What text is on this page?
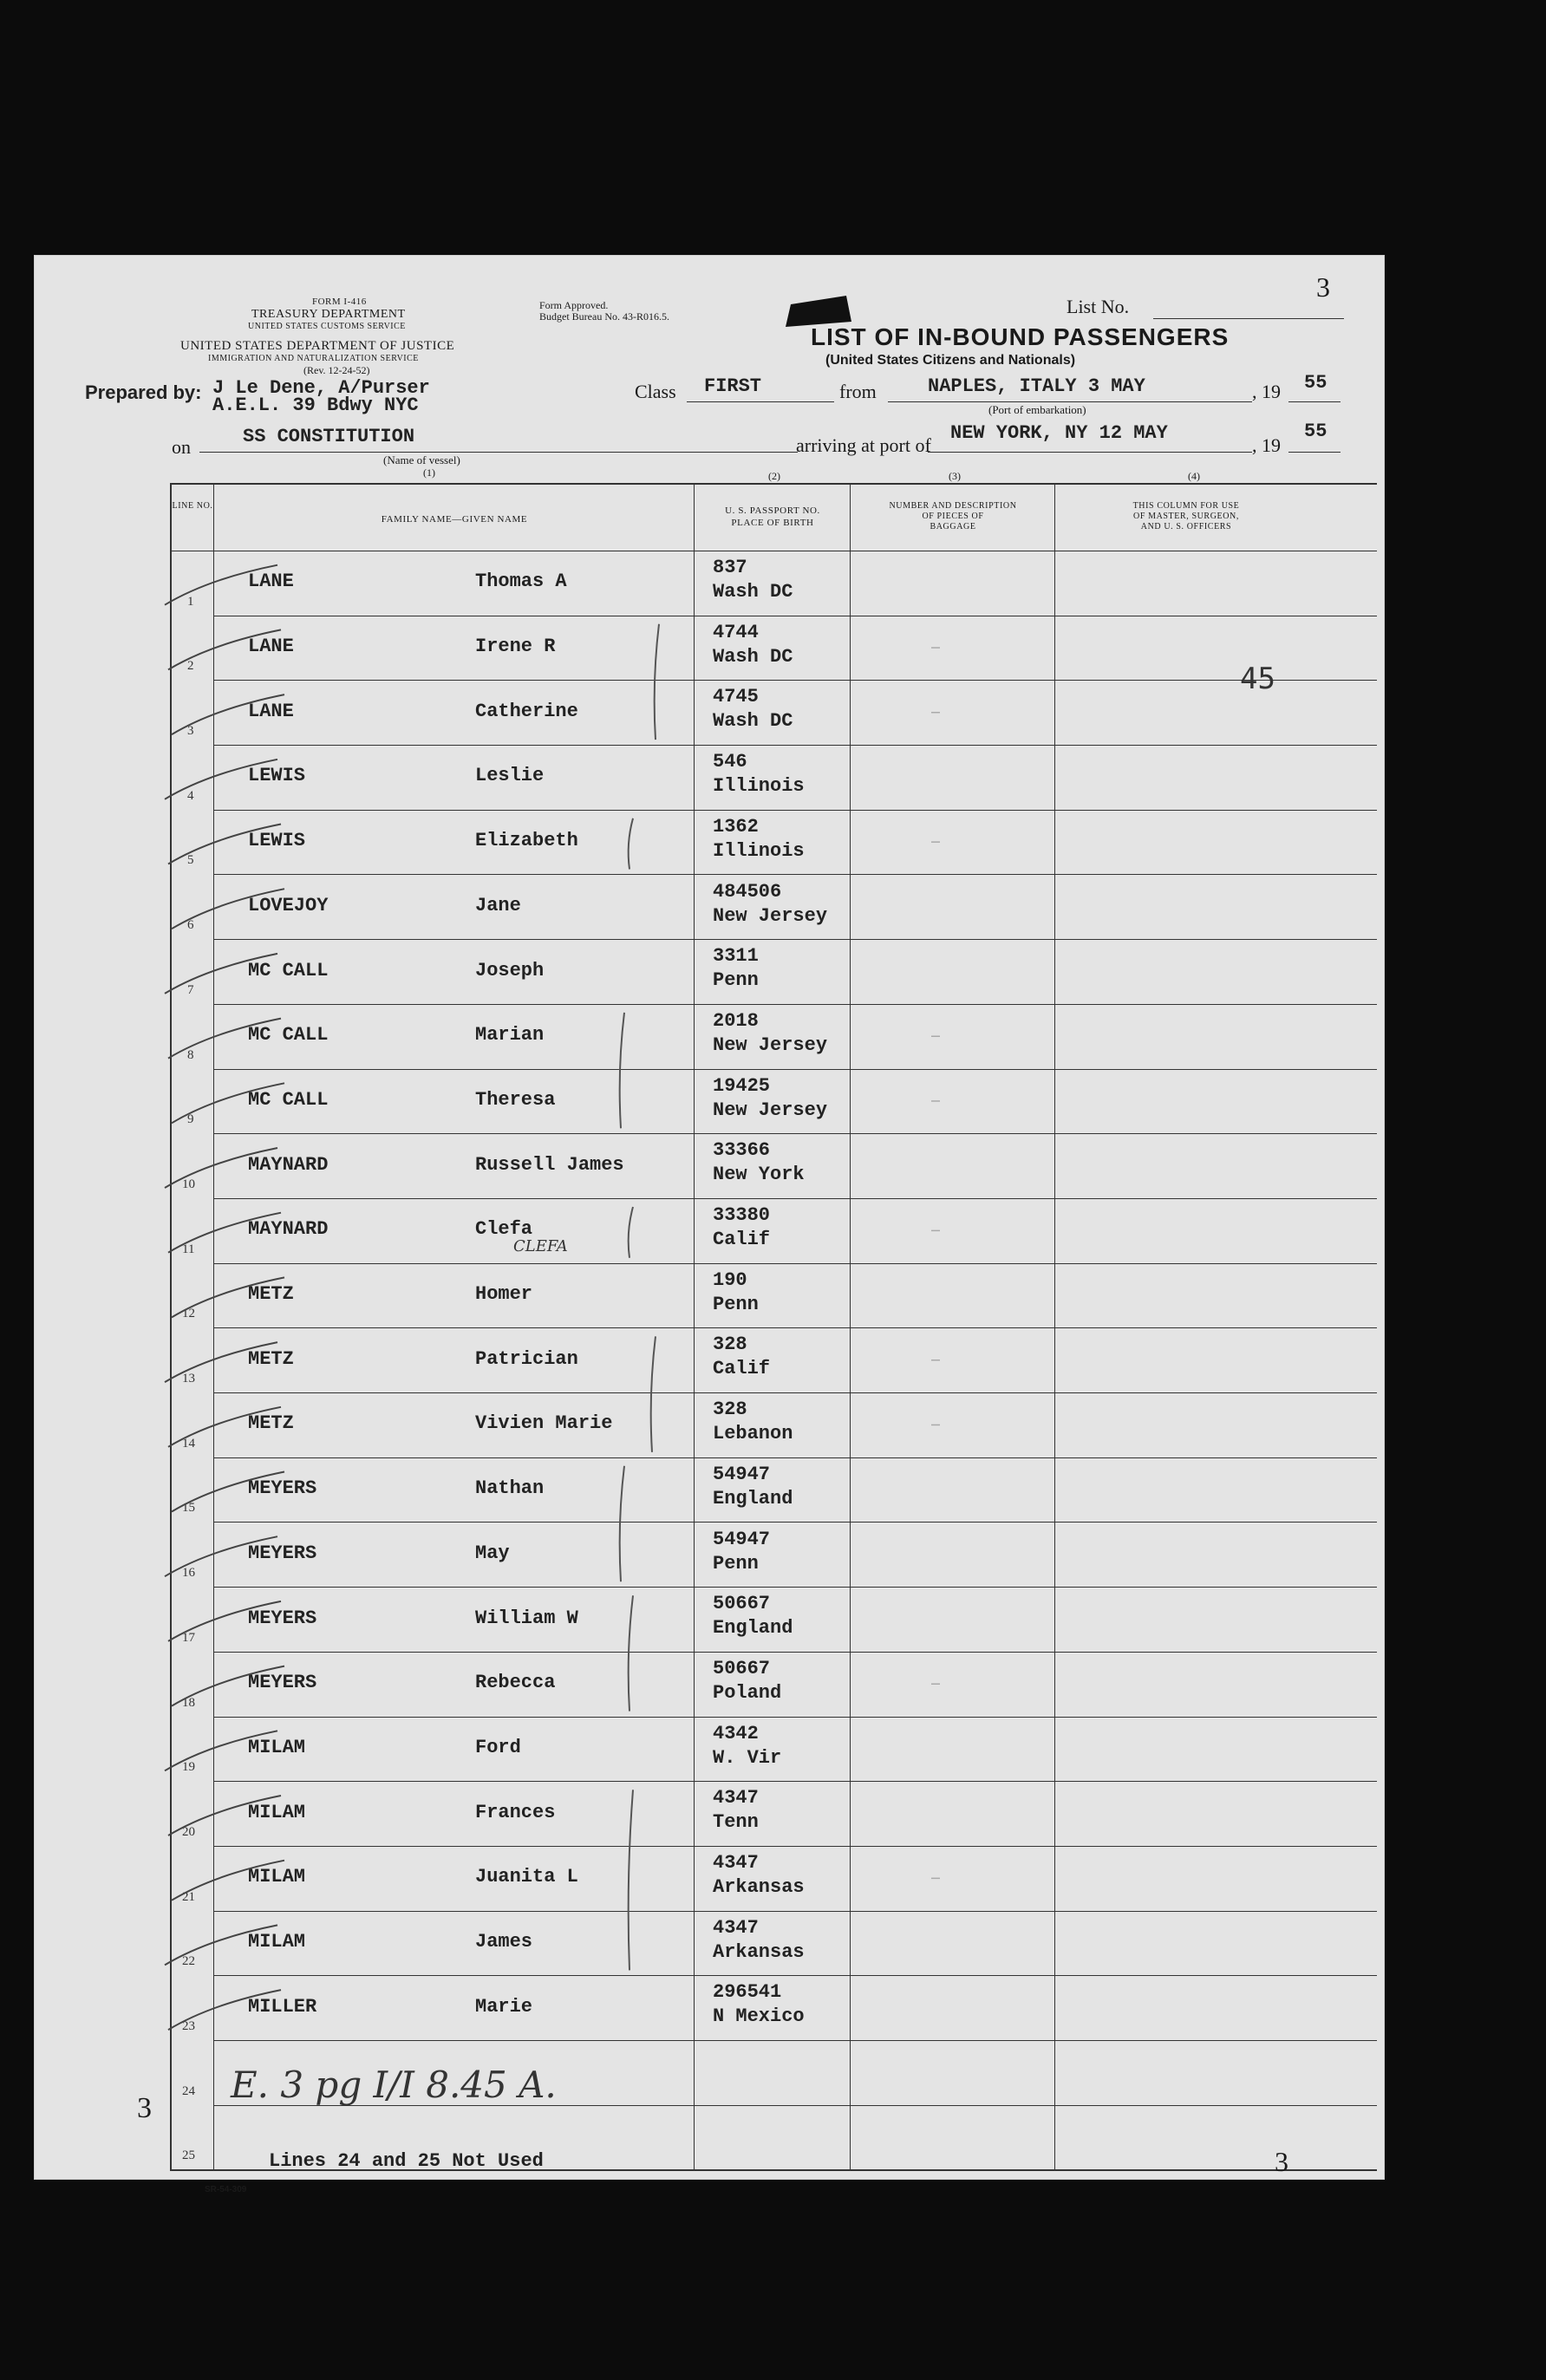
FORM I-416
TREASURY DEPARTMENT
UNITED STATES CUSTOMS SERVICE
UNITED STATES DEPARTMENT OF JUSTICE
IMMIGRATION AND NATURALIZATION SERVICE
(Rev. 12-24-52)
Form Approved.
Budget Bureau No. 43-R016.5.
LIST OF IN-BOUND PASSENGERS
(United States Citizens and Nationals)
List No.
3
Prepared by: J Le Dene, A/Purser
A.E.L. 39 Bdwy NYC
Class FIRST	from	NAPLES, ITALY 3 MAY	, 19 55
(Port of embarkation)
on	SS CONSTITUTION
(Name of vessel)
arriving at port of
NEW YORK, NY 12 MAY
, 19
55
(1)	(2)	(3)	(4)
LINE NO.
FAMILY NAME—GIVEN NAME
U. S. PASSPORT NO.
PLACE OF BIRTH
NUMBER AND DESCRIPTION
OF PIECES OF
BAGGAGE
THIS COLUMN FOR USE
OF MASTER, SURGEON,
AND U. S. OFFICERS
1
LANE	Thomas A
837
Wash DC
2
LANE	Irene R
4744
Wash DC
3
LANE	Catherine
4745
Wash DC
4
LEWIS	Leslie
546
Illinois
5
LEWIS	Elizabeth
1362
Illinois
6
LOVEJOY	Jane
484506
New Jersey
7
MC CALL	Joseph
3311
Penn
8
MC CALL	Marian
2018
New Jersey
9
MC CALL	Theresa
19425
New Jersey
10
MAYNARD	Russell James
33366
New York
11
MAYNARD	Clefa
33380
Calif
12
METZ	Homer
190
Penn
13
METZ	Patrician
328
Calif
14
METZ	Vivien Marie
328
Lebanon
15
MEYERS	Nathan
54947
England
16
MEYERS	May
54947
Penn
17
MEYERS	William W
50667
England
18
MEYERS	Rebecca
50667
Poland
19
MILAM	Ford
4342
W. Vir
20
MILAM	Frances
4347
Tenn
21
MILAM	Juanita L
4347
Arkansas
22
MILAM	James
4347
Arkansas
23
MILLER	Marie
296541
N Mexico
24
25
45
E. 3 pg I/I 8.45 A.
CLEFA
3
Lines 24 and 25 Not Used	3
SR-54-309
